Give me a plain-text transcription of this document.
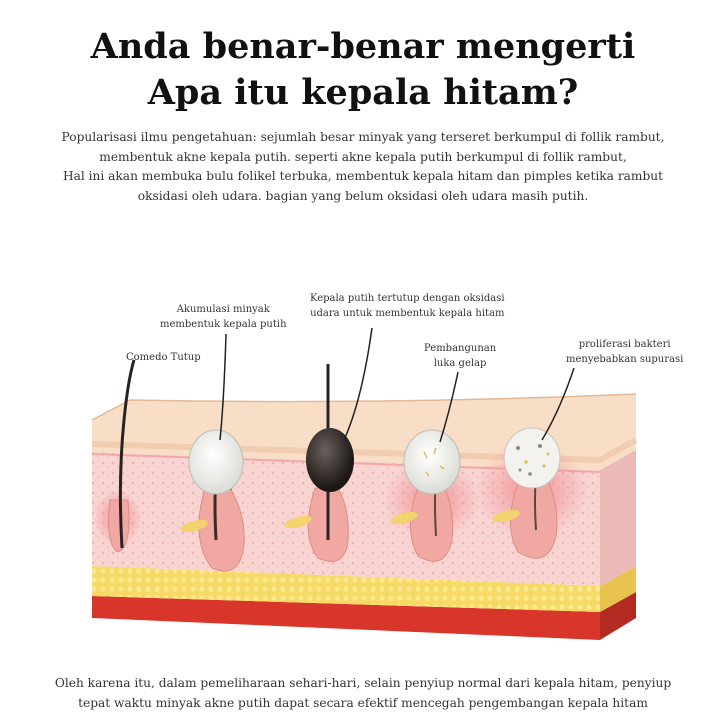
Anda benar-benar mengerti
Apa itu kepala hitam?
Popularisasi ilmu pengetahuan: sejumlah besar minyak yang terseret berkumpul di follik rambut,
membentuk akne kepala putih. seperti akne kepala putih berkumpul di follik rambut,
Hal ini akan membuka bulu folikel terbuka, membentuk kepala hitam dan pimples ketika rambut
oksidasi oleh udara. bagian yang belum oksidasi oleh udara masih putih.
Comedo Tutup
Akumulasi minyak
membentuk kepala putih
Kepala putih tertutup dengan oksidasi
udara untuk membentuk kepala hitam
Pembangunan
luka gelap
proliferasi bakteri
menyebabkan supurasi
Oleh karena itu, dalam pemeliharaan sehari-hari, selain penyiup normal dari kepala hitam, penyiup
tepat waktu minyak akne putih dapat secara efektif mencegah pengembangan kepala hitam
